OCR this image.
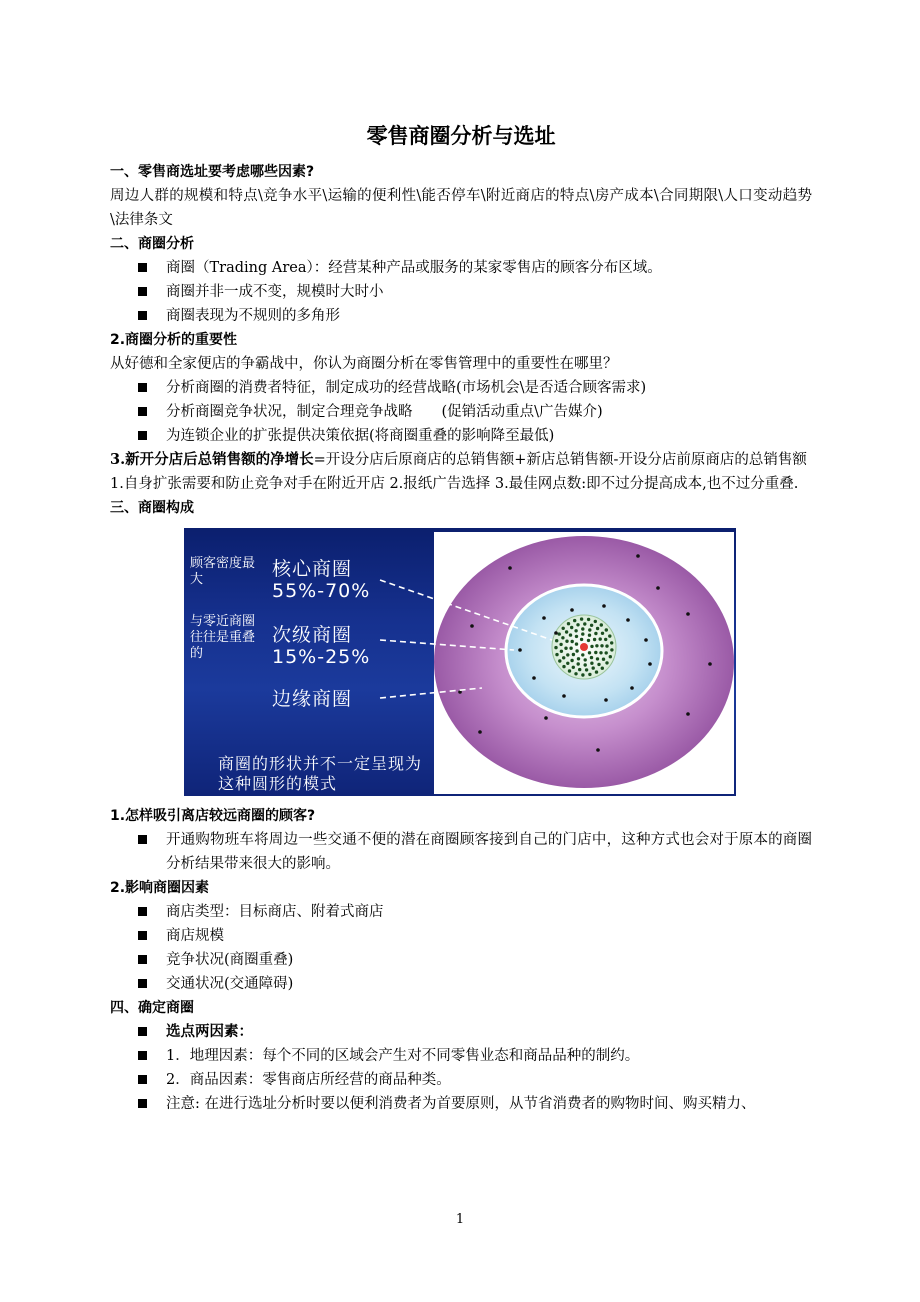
零售商圈分析与选址
一、零售商选址要考虑哪些因素?
周边人群的规模和特点\竞争水平\运输的便利性\能否停车\附近商店的特点\房产成本\合同期限\人口变动趋势\法律条文
二、商圈分析
商圈（Trading Area）：经营某种产品或服务的某家零售店的顾客分布区域。
商圈并非一成不变，规模时大时小
商圈表现为不规则的多角形
2.商圈分析的重要性
从好德和全家便店的争霸战中，你认为商圈分析在零售管理中的重要性在哪里？
分析商圈的消费者特征，制定成功的经营战略(市场机会\是否适合顾客需求)
分析商圈竞争状况，制定合理竞争战略　　(促销活动重点\广告媒介)
为连锁企业的扩张提供决策依据(将商圈重叠的影响降至最低)
3.新开分店后总销售额的净增长=开设分店后原商店的总销售额+新店总销售额-开设分店前原商店的总销售额
1.自身扩张需要和防止竞争对手在附近开店 2.报纸广告选择 3.最佳网点数:即不过分提高成本,也不过分重叠.
三、商圈构成
顾客密度最大
与零近商圈往往是重叠的
核心商圈
55%-70%
次级商圈
15%-25%
边缘商圈
商圈的形状并不一定呈现为这种圆形的模式
1.怎样吸引离店较远商圈的顾客?
开通购物班车将周边一些交通不便的潜在商圈顾客接到自己的门店中，这种方式也会对于原本的商圈分析结果带来很大的影响。
2.影响商圈因素
商店类型：目标商店、附着式商店
商店规模
竞争状况(商圈重叠)
交通状况(交通障碍)
四、确定商圈
选点两因素：
1．地理因素：每个不同的区域会产生对不同零售业态和商品品种的制约。
2．商品因素：零售商店所经营的商品种类。
注意: 在进行选址分析时要以便利消费者为首要原则，从节省消费者的购物时间、购买精力、
1
